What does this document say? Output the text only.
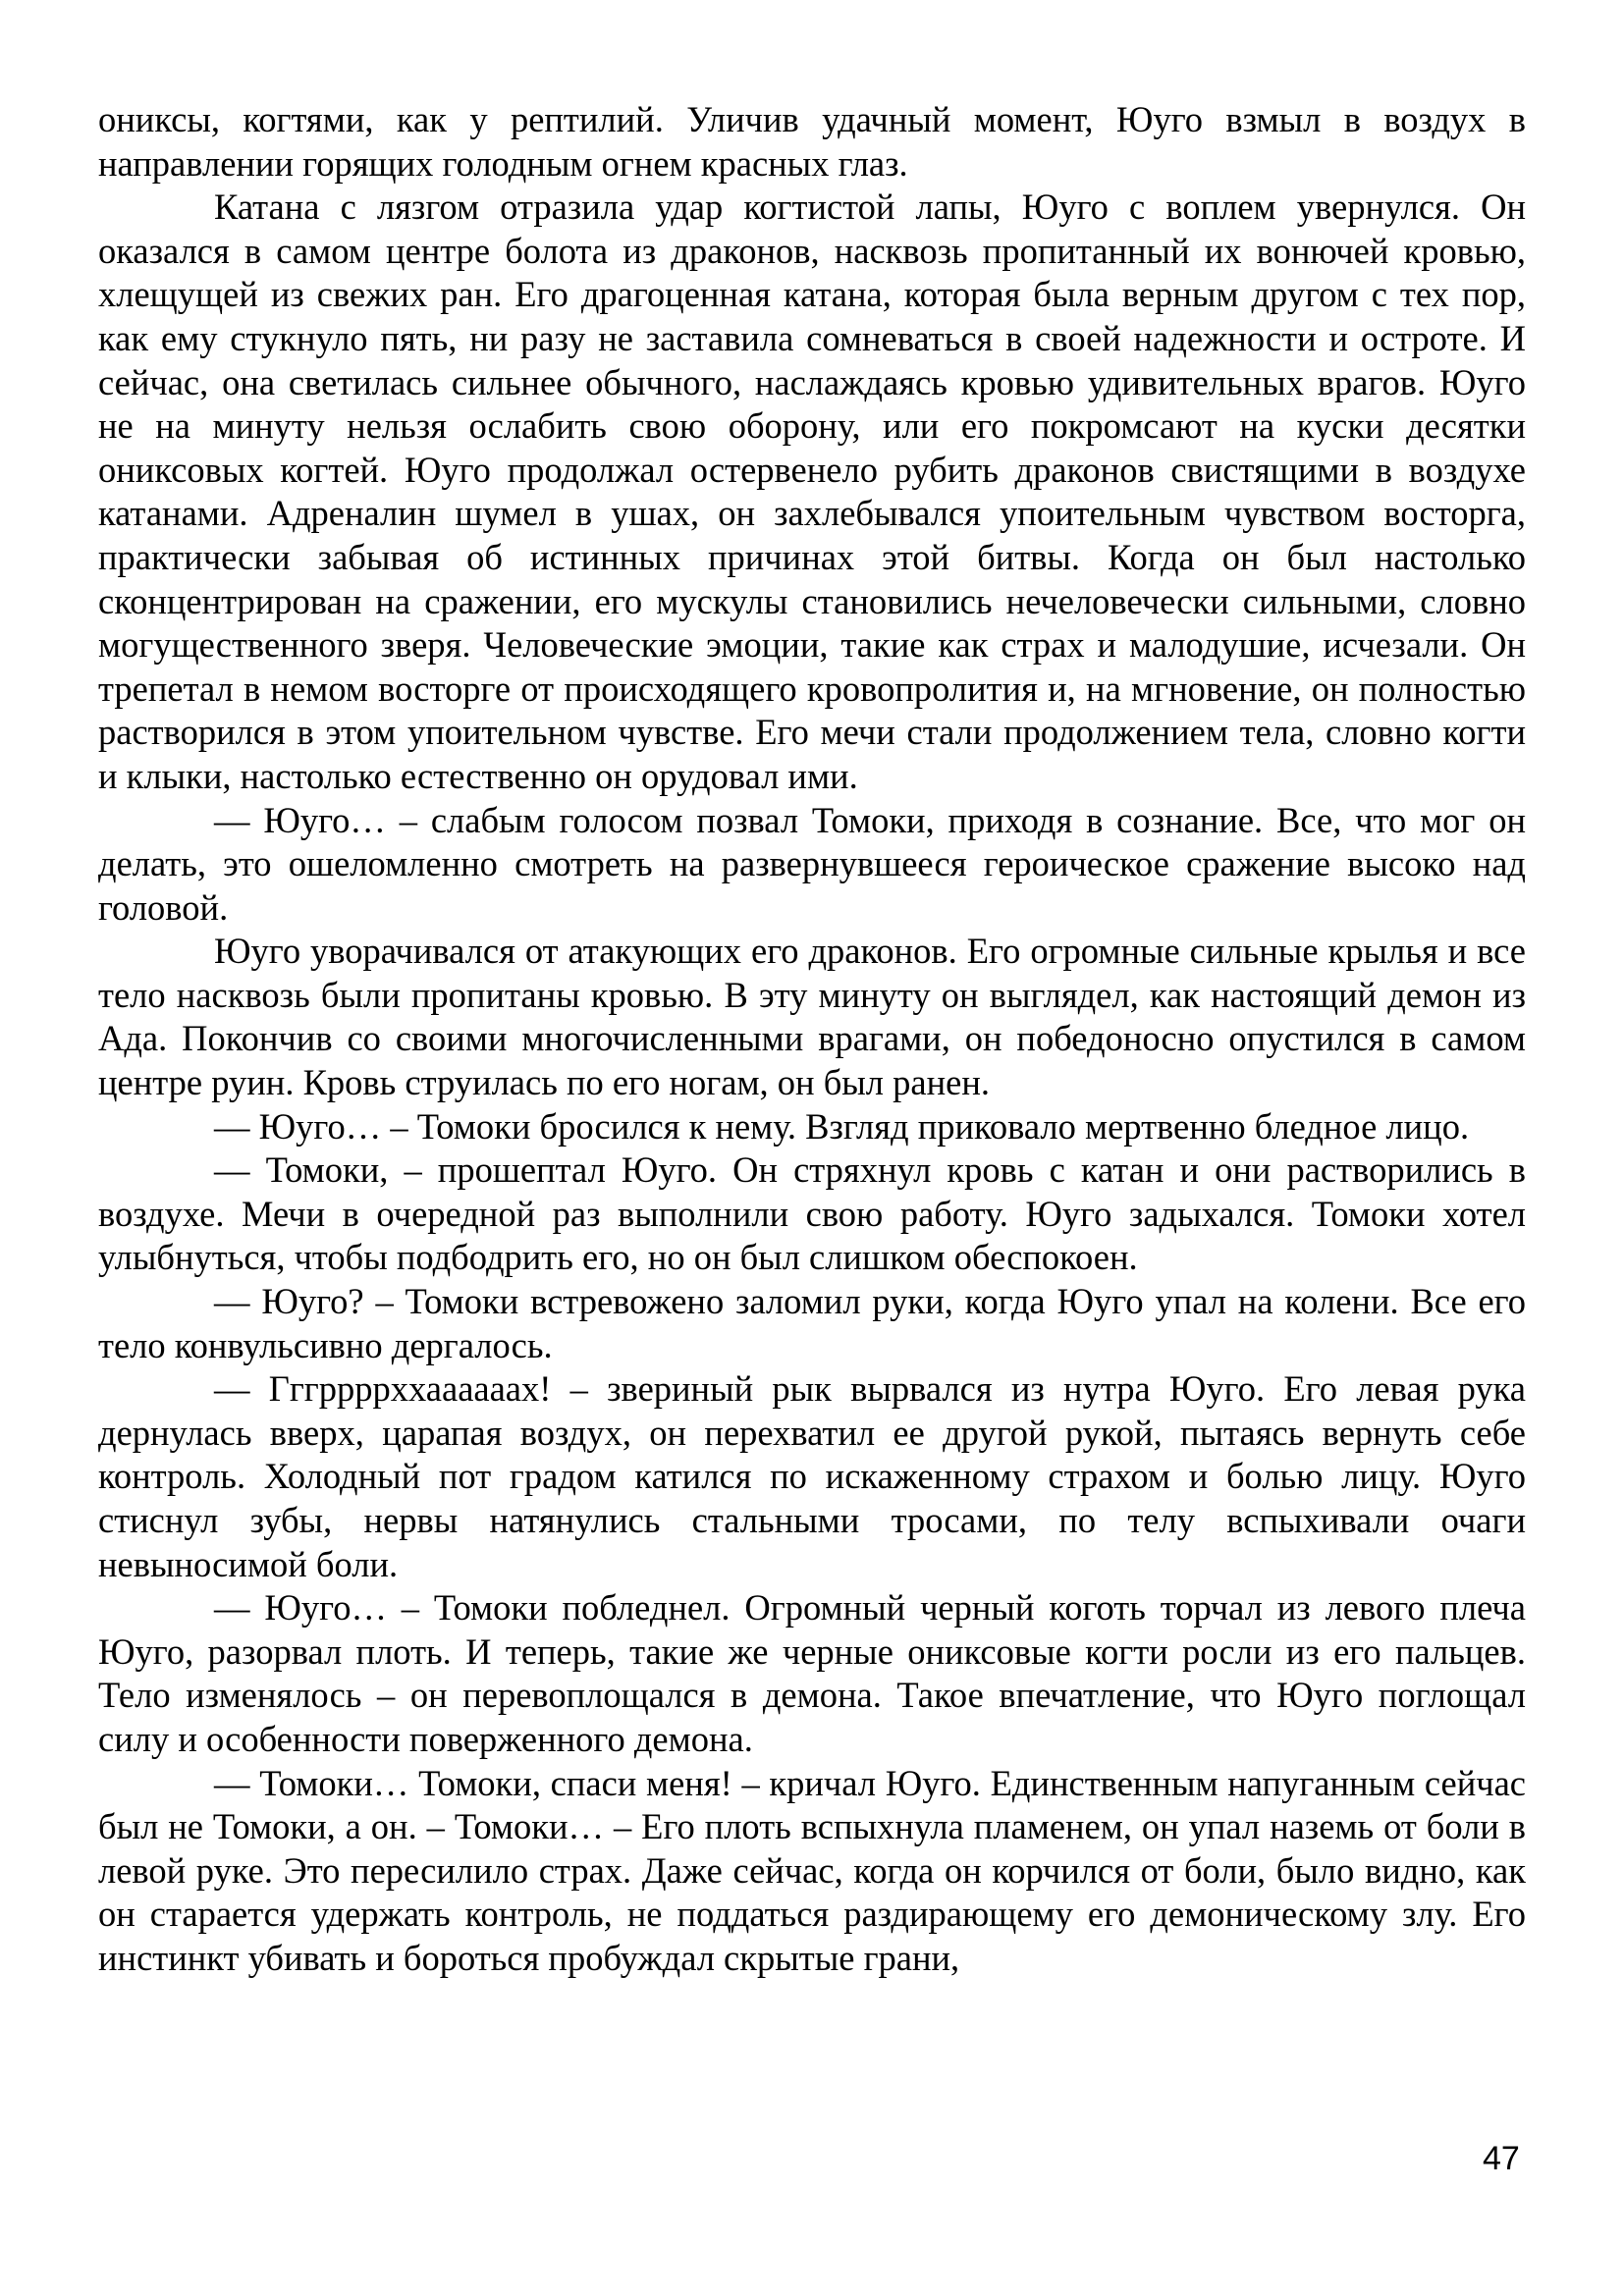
ониксы, когтями, как у рептилий. Уличив удачный момент, Юуго взмыл в воздух в направлении горящих голодным огнем красных глаз.

Катана с лязгом отразила удар когтистой лапы, Юуго с воплем увернулся. Он оказался в самом центре болота из драконов, насквозь пропитанный их вонючей кровью, хлещущей из свежих ран. Его драгоценная катана, которая была верным другом с тех пор, как ему стукнуло пять, ни разу не заставила сомневаться в своей надежности и остроте. И сейчас, она светилась сильнее обычного, наслаждаясь кровью удивительных врагов. Юуго не на минуту нельзя ослабить свою оборону, или его покромсают на куски десятки ониксовых когтей. Юуго продолжал остервенело рубить драконов свистящими в воздухе катанами. Адреналин шумел в ушах, он захлебывался упоительным чувством восторга, практически забывая об истинных причинах этой битвы. Когда он был настолько сконцентрирован на сражении, его мускулы становились нечеловечески сильными, словно могущественного зверя. Человеческие эмоции, такие как страх и малодушие, исчезали. Он трепетал в немом восторге от происходящего кровопролития и, на мгновение, он полностью растворился в этом упоительном чувстве. Его мечи стали продолжением тела, словно когти и клыки, настолько естественно он орудовал ими.

— Юуго… – слабым голосом позвал Томоки, приходя в сознание. Все, что мог он делать, это ошеломленно смотреть на развернувшееся героическое сражение высоко над головой.

Юуго уворачивался от атакующих его драконов. Его огромные сильные крылья и все тело насквозь были пропитаны кровью. В эту минуту он выглядел, как настоящий демон из Ада. Покончив со своими многочисленными врагами, он победоносно опустился в самом центре руин. Кровь струилась по его ногам, он был ранен.

— Юуго… – Томоки бросился к нему. Взгляд приковало мертвенно бледное лицо.

— Томоки, – прошептал Юуго. Он стряхнул кровь с катан и они растворились в воздухе. Мечи в очередной раз выполнили свою работу. Юуго задыхался. Томоки хотел улыбнуться, чтобы подбодрить его, но он был слишком обеспокоен.

— Юуго? – Томоки встревожено заломил руки, когда Юуго упал на колени. Все его тело конвульсивно дергалось.

— Гггррррххаааааах! – звериный рык вырвался из нутра Юуго. Его левая рука дернулась вверх, царапая воздух, он перехватил ее другой рукой, пытаясь вернуть себе контроль. Холодный пот градом катился по искаженному страхом и болью лицу. Юуго стиснул зубы, нервы натянулись стальными тросами, по телу вспыхивали очаги невыносимой боли.

— Юуго… – Томоки побледнел. Огромный черный коготь торчал из левого плеча Юуго, разорвал плоть. И теперь, такие же черные ониксовые когти росли из его пальцев. Тело изменялось – он перевоплощался в демона. Такое впечатление, что Юуго поглощал силу и особенности поверженного демона.

— Томоки… Томоки, спаси меня! – кричал Юуго. Единственным напуганным сейчас был не Томоки, а он. – Томоки… – Его плоть вспыхнула пламенем, он упал наземь от боли в левой руке. Это пересилило страх. Даже сейчас, когда он корчился от боли, было видно, как он старается удержать контроль, не поддаться раздирающему его демоническому злу. Его инстинкт убивать и бороться пробуждал скрытые грани,

47
